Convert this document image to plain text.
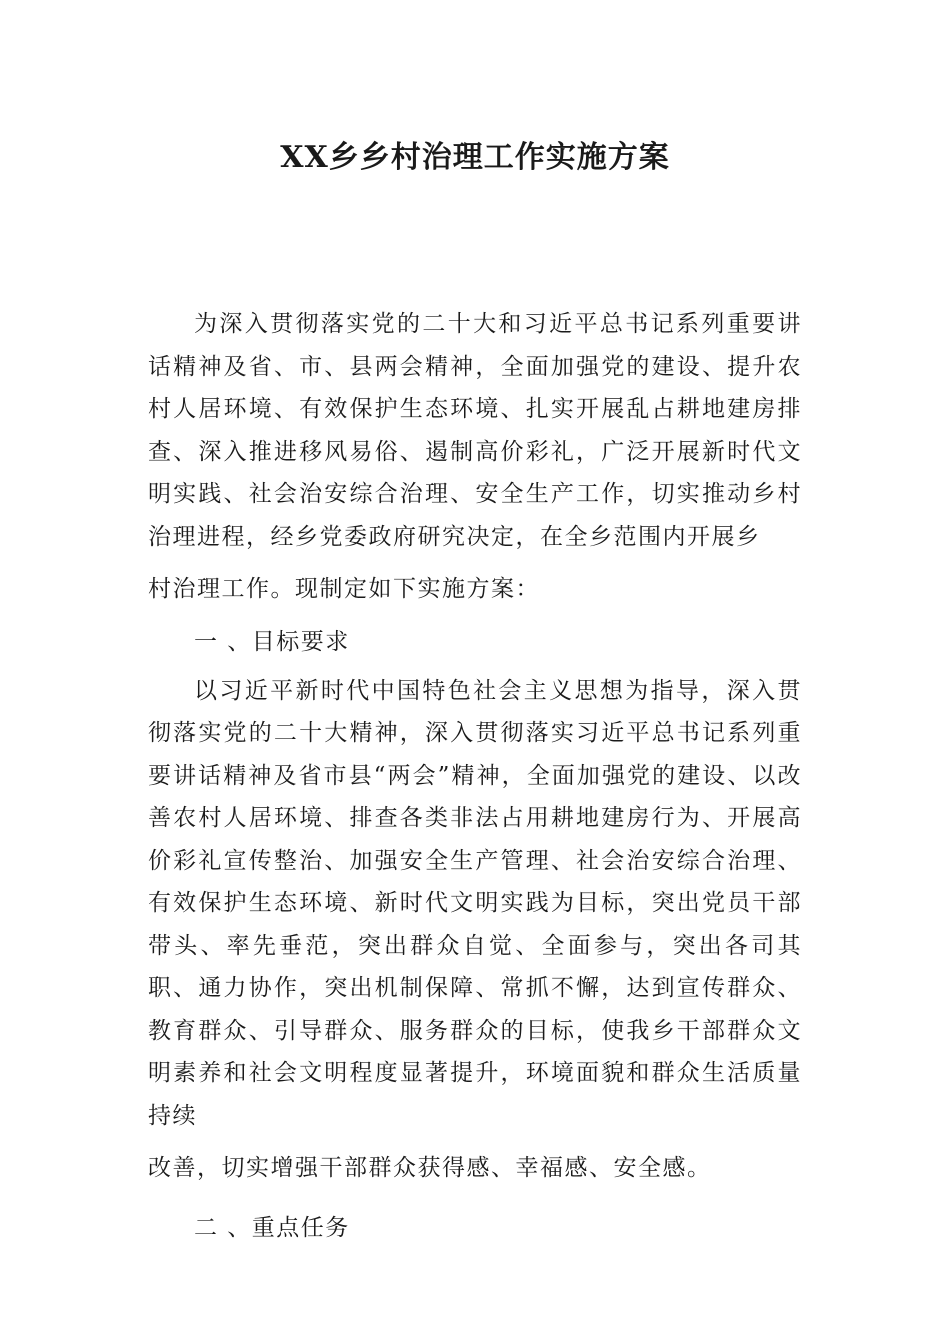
XX乡乡村治理工作实施方案

为深入贯彻落实党的二十大和习近平总书记系列重要讲话精神及省、市、县两会精神，全面加强党的建设、提升农村人居环境、有效保护生态环境、扎实开展乱占耕地建房排查、深入推进移风易俗、遏制高价彩礼，广泛开展新时代文明实践、社会治安综合治理、安全生产工作，切实推动乡村治理进程，经乡党委政府研究决定，在全乡范围内开展乡
村治理工作。现制定如下实施方案：

一 、目标要求

以习近平新时代中国特色社会主义思想为指导，深入贯彻落实党的二十大精神，深入贯彻落实习近平总书记系列重要讲话精神及省市县“两会”精神，全面加强党的建设、以改善农村人居环境、排查各类非法占用耕地建房行为、开展高价彩礼宣传整治、加强安全生产管理、社会治安综合治理、有效保护生态环境、新时代文明实践为目标，突出党员干部带头、率先垂范，突出群众自觉、全面参与，突出各司其职、通力协作，突出机制保障、常抓不懈，达到宣传群众、教育群众、引导群众、服务群众的目标，使我乡干部群众文明素养和社会文明程度显著提升，环境面貌和群众生活质量持续
改善，切实增强干部群众获得感、幸福感、安全感。

二 、重点任务
